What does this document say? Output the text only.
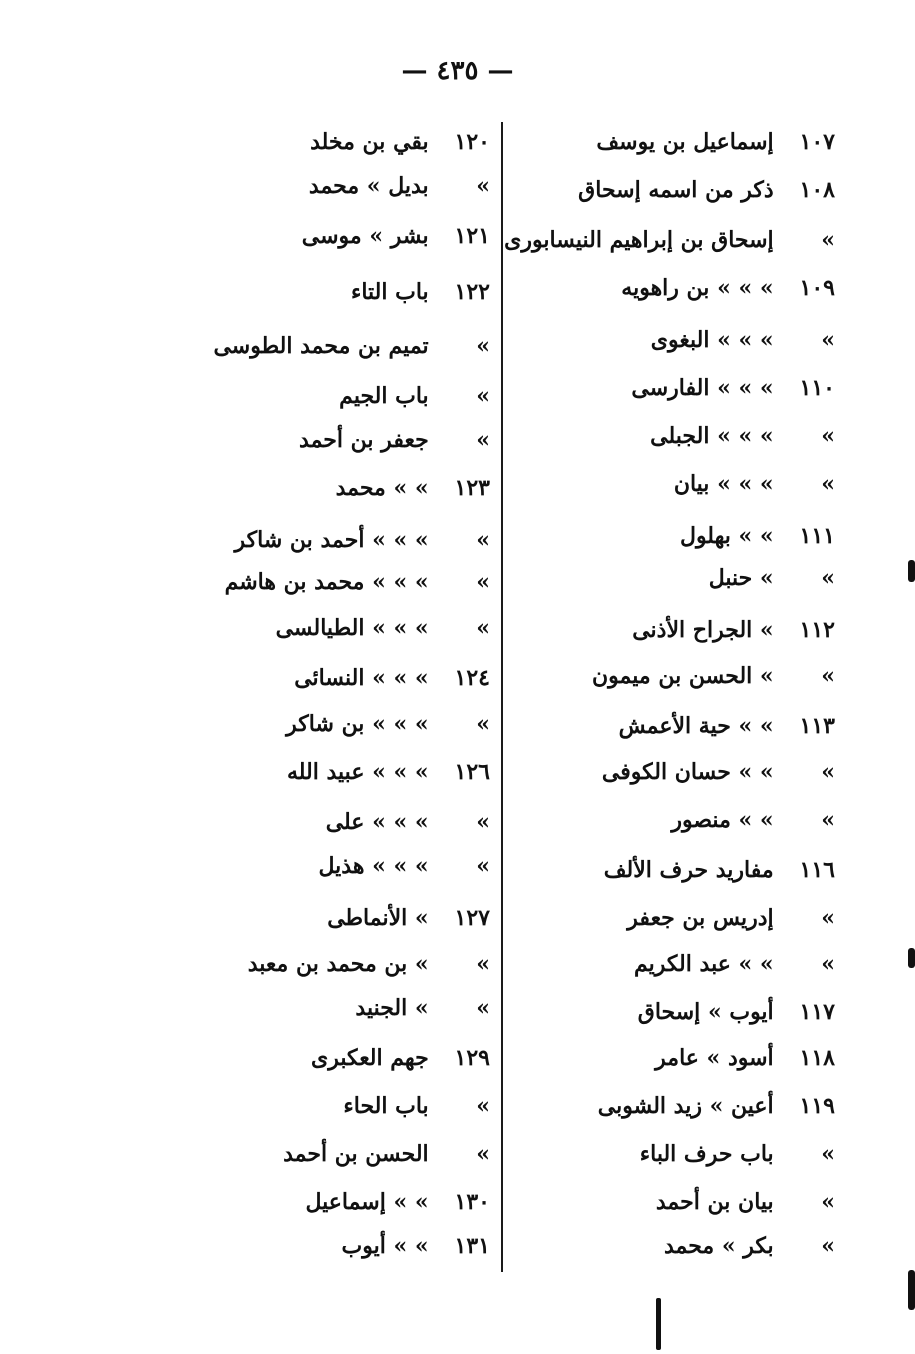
— ٤٣٥ —
١٠٧  إسماعيل بن يوسف
١٠٨  ذكر من اسمه إسحاق
»  إسحاق بن إبراهيم النيسابورى
١٠٩  » » » بن راهويه
»  » » » البغوى
١١٠  » » » الفارسى
»  » » » الجبلى
»  » » » بيان
١١١  » » بهلول
»  » حنبل
١١٢  » الجراح الأذنى
»  » الحسن بن ميمون
١١٣  » » حية الأعمش
»  » » حسان الكوفى
»  » » منصور
١١٦  مفاريد حرف الألف
»  إدريس بن جعفر
»  » » عبد الكريم
١١٧  أيوب » إسحاق
١١٨  أسود » عامر
١١٩  أعين » زيد الشوبى
»  باب حرف الباء
»  بيان بن أحمد
»  بكر » محمد
١٢٠  بقي بن مخلد
»  بديل » محمد
١٢١  بشر » موسى
١٢٢  باب التاء
»  تميم بن محمد الطوسى
»  باب الجيم
»  جعفر بن أحمد
١٢٣  » » محمد
»  » » » أحمد بن شاكر
»  » » » محمد بن هاشم
»  » » » الطيالسى
١٢٤  » » » النسائى
»  » » » بن شاكر
١٢٦  » » » عبيد الله
»  » » » على
»  » » » هذيل
١٢٧  » الأنماطى
»  » بن محمد بن معبد
»  » الجنيد
١٢٩  جهم العكبرى
»  باب الحاء
»  الحسن بن أحمد
١٣٠  » » إسماعيل
١٣١  » » أيوب
